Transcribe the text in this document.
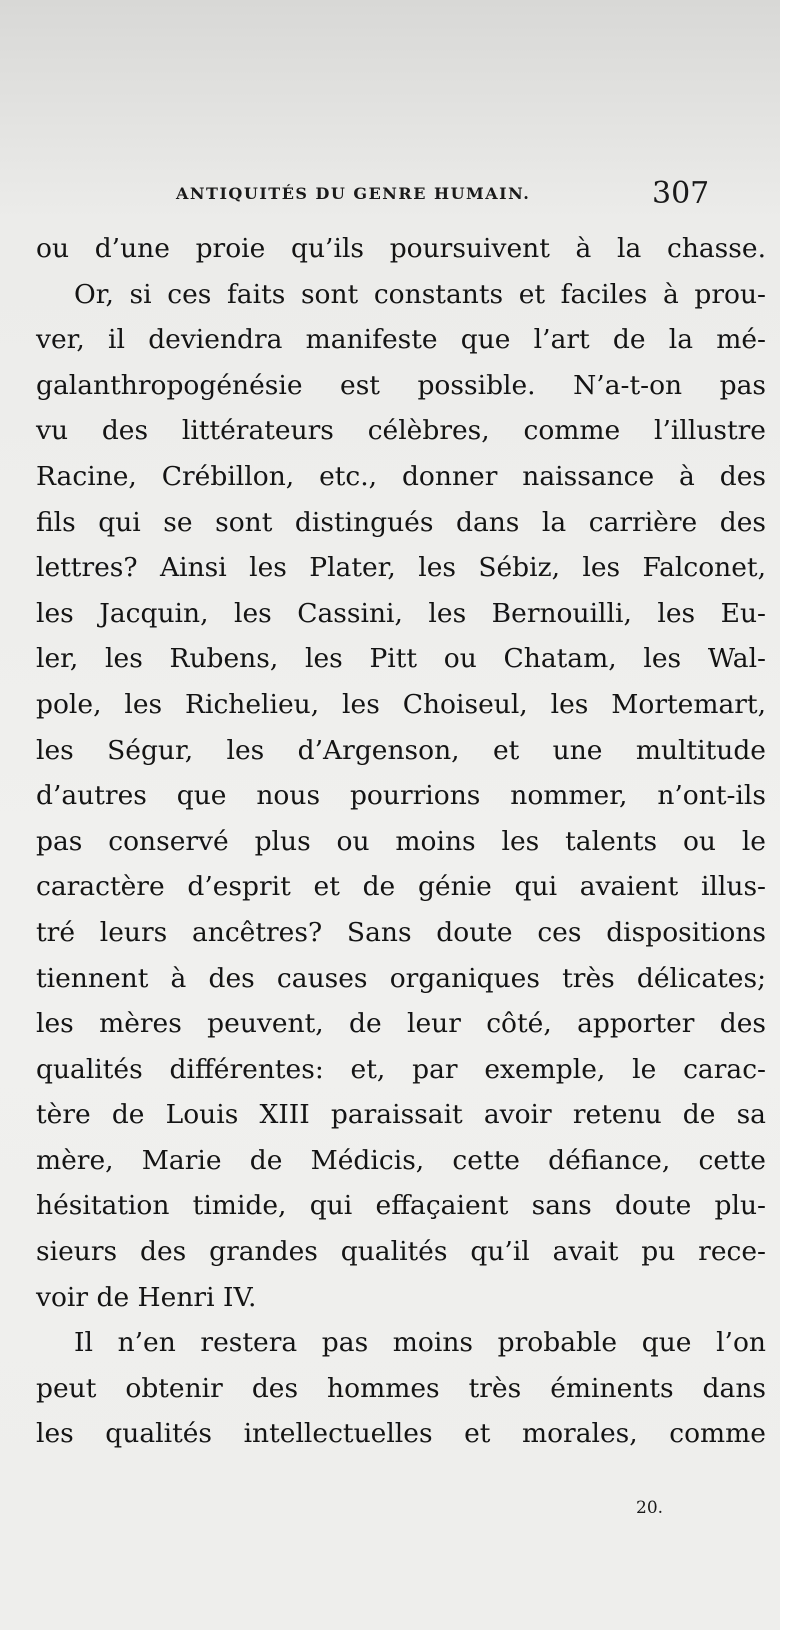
ANTIQUITÉS DU GENRE HUMAIN.	307
ou d’une proie qu’ils poursuivent à la chasse.
Or, si ces faits sont constants et faciles à prou-
ver, il deviendra manifeste que l’art de la mé-
galanthropogénésie est possible. N’a-t-on pas
vu des littérateurs célèbres, comme l’illustre
Racine, Crébillon, etc., donner naissance à des
fils qui se sont distingués dans la carrière des
lettres? Ainsi les Plater, les Sébiz, les Falconet,
les Jacquin, les Cassini, les Bernouilli, les Eu-
ler, les Rubens, les Pitt ou Chatam, les Wal-
pole, les Richelieu, les Choiseul, les Mortemart,
les Ségur, les d’Argenson, et une multitude
d’autres que nous pourrions nommer, n’ont-ils
pas conservé plus ou moins les talents ou le
caractère d’esprit et de génie qui avaient illus-
tré leurs ancêtres? Sans doute ces dispositions
tiennent à des causes organiques très délicates;
les mères peuvent, de leur côté, apporter des
qualités différentes: et, par exemple, le carac-
tère de Louis XIII paraissait avoir retenu de sa
mère, Marie de Médicis, cette défiance, cette
hésitation timide, qui effaçaient sans doute plu-
sieurs des grandes qualités qu’il avait pu rece-
voir de Henri IV.
Il n’en restera pas moins probable que l’on
peut obtenir des hommes très éminents dans
les qualités intellectuelles et morales, comme
20.
